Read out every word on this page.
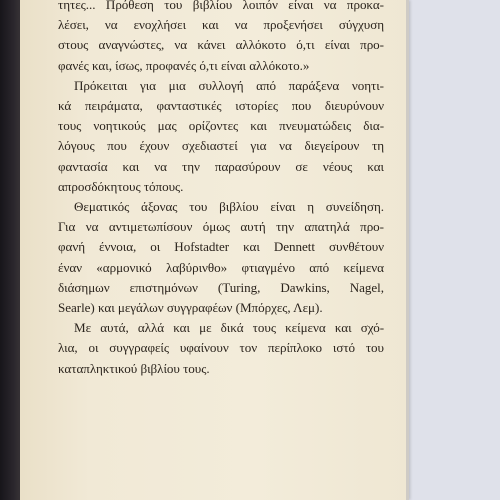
τητες... Πρόθεση του βιβλίου λοιπόν είναι να προκα-
λέσει, να ενοχλήσει και να προξενήσει σύγχυση
στους αναγνώστες, να κάνει αλλόκοτο ό,τι είναι προ-
φανές και, ίσως, προφανές ό,τι είναι αλλόκοτο.»

Πρόκειται για μια συλλογή από παράξενα νοητι-
κά πειράματα, φανταστικές ιστορίες που διευρύνουν
τους νοητικούς μας ορίζοντες και πνευματώδεις δια-
λόγους που έχουν σχεδιαστεί για να διεγείρουν τη
φαντασία και να την παρασύρουν σε νέους και
απροσδόκητους τόπους.

Θεματικός άξονας του βιβλίου είναι η συνείδηση.
Για να αντιμετωπίσουν όμως αυτή την απατηλά προ-
φανή έννοια, οι Hofstadter και Dennett συνθέτουν
έναν «αρμονικό λαβύρινθο» φτιαγμένο από κείμενα
διάσημων επιστημόνων (Turing, Dawkins, Nagel,
Searle) και μεγάλων συγγραφέων (Μπόρχες, Λεμ).

Με αυτά, αλλά και με δικά τους κείμενα και σχό-
λια, οι συγγραφείς υφαίνουν τον περίπλοκο ιστό του
καταπληκτικού βιβλίου τους.
